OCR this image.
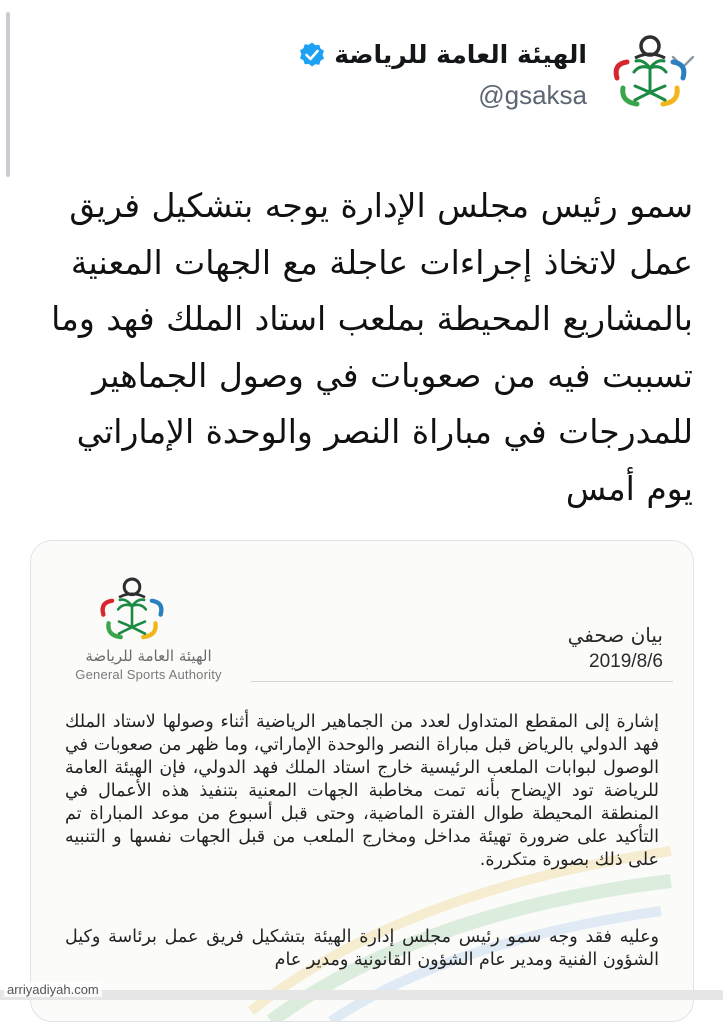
الهيئة العامة للرياضة
@gsaksa
سمو رئيس مجلس الإدارة يوجه بتشكيل فريق
عمل لاتخاذ إجراءات عاجلة مع الجهات المعنية
بالمشاريع المحيطة بملعب استاد الملك فهد وما
تسببت فيه من صعوبات في وصول الجماهير
للمدرجات في مباراة النصر والوحدة الإماراتي
يوم أمس
الهيئة العامة للرياضة
General Sports Authority
بيان صحفي
2019/8/6
إشارة إلى المقطع المتداول لعدد من الجماهير الرياضية أثناء وصولها لاستاد الملك فهد الدولي بالرياض قبل مباراة النصر والوحدة الإماراتي، وما ظهر من صعوبات في الوصول لبوابات الملعب الرئيسية خارج استاد الملك فهد الدولي، فإن الهيئة العامة للرياضة تود الإيضاح بأنه تمت مخاطبة الجهات المعنية بتنفيذ هذه الأعمال في المنطقة المحيطة طوال الفترة الماضية، وحتى قبل أسبوع من موعد المباراة تم التأكيد على ضرورة تهيئة مداخل ومخارج الملعب من قبل الجهات نفسها و التنبيه على ذلك بصورة متكررة.
وعليه فقد وجه سمو رئيس مجلس إدارة الهيئة بتشكيل فريق عمل برئاسة وكيل الشؤون الفنية ومدير عام الشؤون القانونية ومدير عام
arriyadiyah.com
